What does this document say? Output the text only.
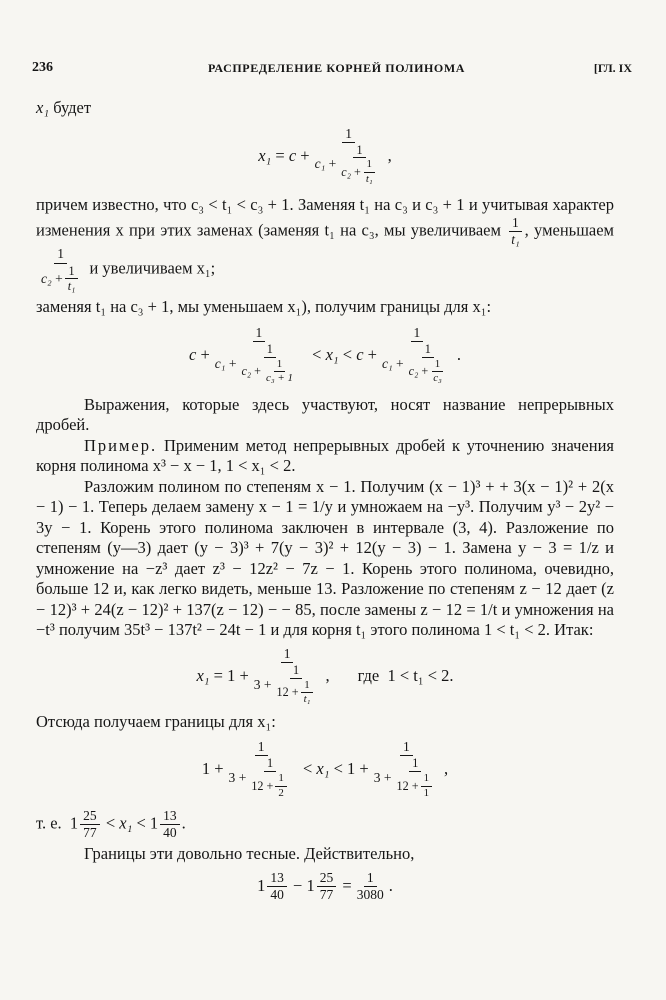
236	РАСПРЕДЕЛЕНИЕ КОРНЕЙ ПОЛИНОМА	[ГЛ. IX

x₁ будет

x₁
=
c
+
1
c₁
+ 1
c₂
+ $\frac{1}{\text{t₁}}$ ,

причем известно, что c₃ < t₁ < c₃ + 1. Заменяя t₁ на c₃ и c₃ + 1 и учитывая характер изменения x при этих заменах (заменяя t₁ на c₃, мы увеличиваем $\frac{1}{\text{t₁}}$ , уменьшаем
1
c₂
+ $\frac{1}{\text{t₁}}$ и увеличиваем x₁;

заменяя t₁ на c₃ + 1, мы уменьшаем x₁), получим границы для x₁:

c
+
1
c₁
+ 1
c₂
+ $\frac{1}{\text{c₃ + 1}}$
<
x₁
<
c
+
1
c₁
+ 1
c₂
+ $\frac{1}{\text{c₃}}$ .

Выражения, которые здесь участвуют, носят название непрерывных дробей.

Пример. Применим метод непрерывных дробей к уточнению значения корня полинома x³ − x − 1, 1 < x₁ < 2.

Разложим полином по степеням x − 1. Получим (x − 1)³ + + 3(x − 1)² + 2(x − 1) − 1. Теперь делаем замену x − 1 = 1/y и умножаем на −y³. Получим y³ − 2y² − 3y − 1. Корень этого полинома заключен в интервале (3, 4). Разложение по степеням (y—3) дает (y − 3)³ + 7(y − 3)² + 12(y − 3) − 1. Замена y − 3 = 1/z и умножение на −z³ дает z³ − 12z² − 7z − 1. Корень этого полинома, очевидно, больше 12 и, как легко видеть, меньше 13. Разложение по степеням z − 12 дает (z − 12)³ + 24(z − 12)² + 137(z − 12) − − 85, после замены z − 12 = 1/t и умножения на −t³ получим 35t³ − 137t² − 24t − 1 и для корня t₁ этого полинома 1 < t₁ < 2. Итак:

x₁
=
1
+
1
3
+ 1
12
+ $\frac{1}{\text{t₁}}$ , где
1 < t₁ < 2.

Отсюда получаем границы для x₁:

1
+
1
3
+ 1
12
+ $\frac{1}{2}$
<
x₁
<
1
+
1
3
+ 1
12
+ $\frac{1}{1}$ ,

т. е. $1 \frac{25}{77} < x_1 < 1 \frac{13}{40}$ .

Границы эти довольно тесные. Действительно,

$1 \frac{13}{40}$
−
$1 \frac{25}{77}$
= $\frac{1}{3080}$ .
